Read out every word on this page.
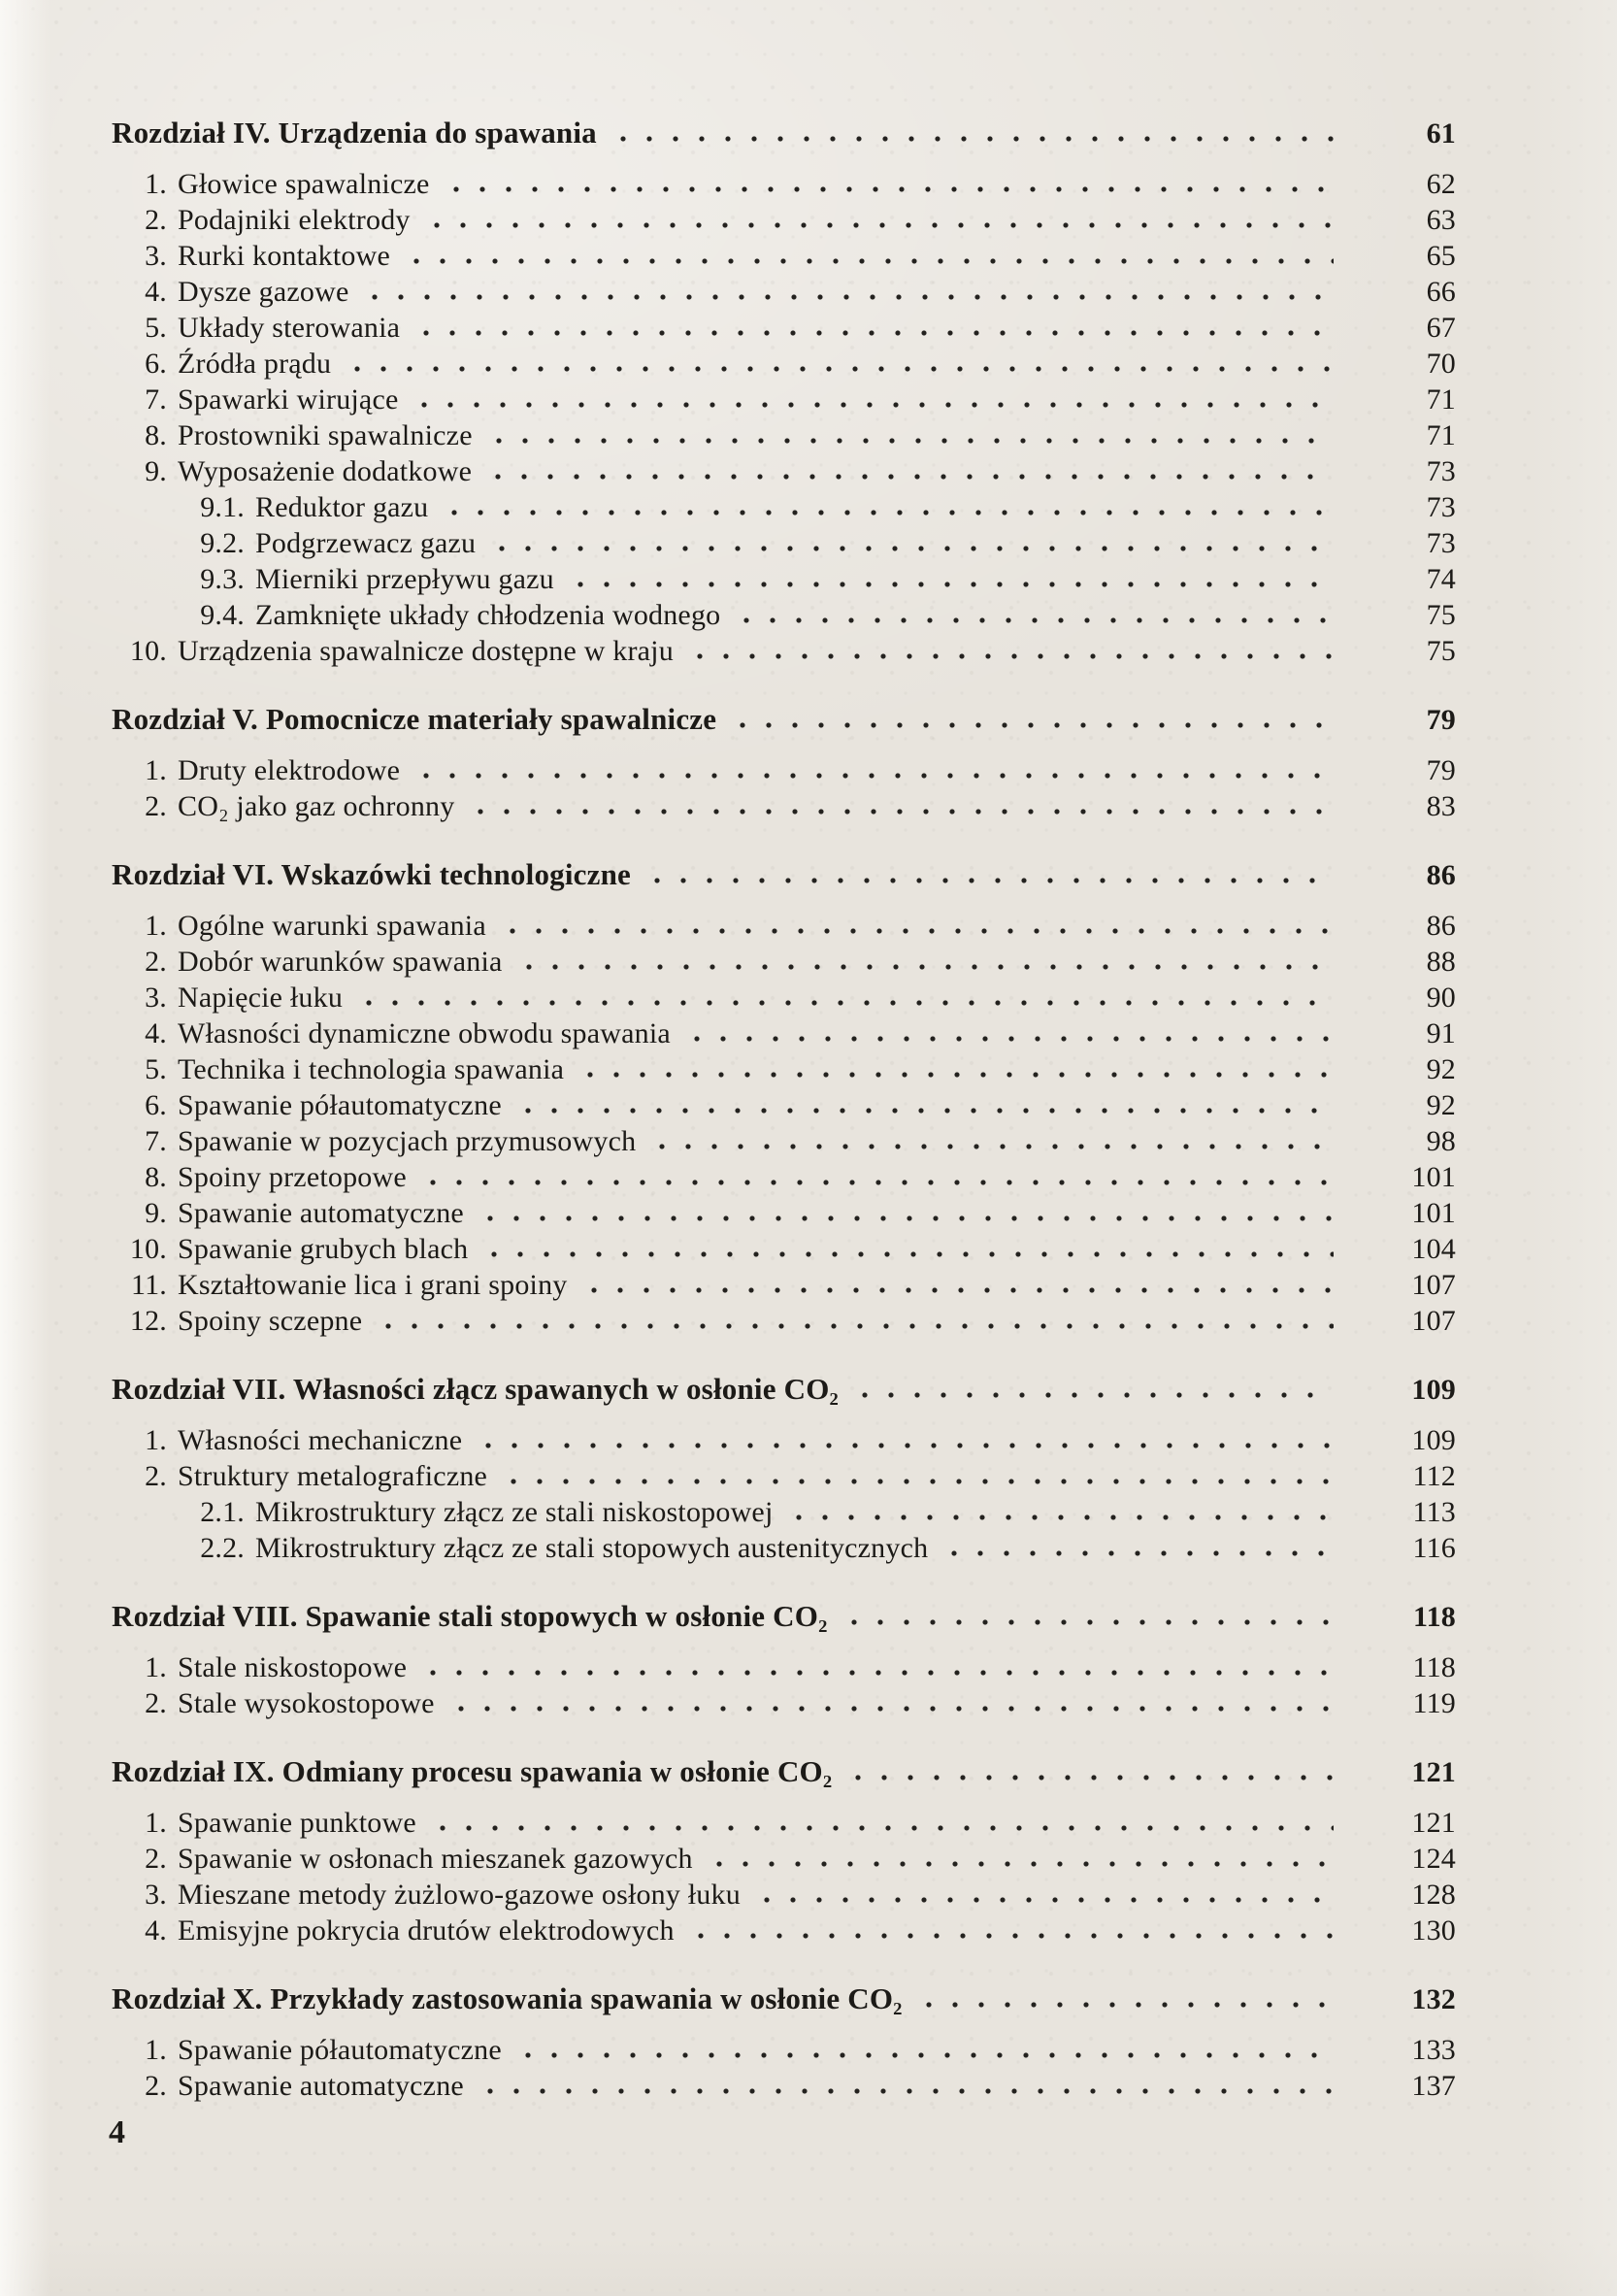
Rozdział IV. Urządzenia do spawania	61
1. Głowice spawalnicze	62
2. Podajniki elektrody	63
3. Rurki kontaktowe	65
4. Dysze gazowe	66
5. Układy sterowania	67
6. Źródła prądu	70
7. Spawarki wirujące	71
8. Prostowniki spawalnicze	71
9. Wyposażenie dodatkowe	73
9.1. Reduktor gazu	73
9.2. Podgrzewacz gazu	73
9.3. Mierniki przepływu gazu	74
9.4. Zamknięte układy chłodzenia wodnego	75
10. Urządzenia spawalnicze dostępne w kraju	75
Rozdział V. Pomocnicze materiały spawalnicze	79
1. Druty elektrodowe	79
2. CO₂ jako gaz ochronny	83
Rozdział VI. Wskazówki technologiczne	86
1. Ogólne warunki spawania	86
2. Dobór warunków spawania	88
3. Napięcie łuku	90
4. Własności dynamiczne obwodu spawania	91
5. Technika i technologia spawania	92
6. Spawanie półautomatyczne	92
7. Spawanie w pozycjach przymusowych	98
8. Spoiny przetopowe	101
9. Spawanie automatyczne	101
10. Spawanie grubych blach	104
11. Kształtowanie lica i grani spoiny	107
12. Spoiny sczepne	107
Rozdział VII. Własności złącz spawanych w osłonie CO₂	109
1. Własności mechaniczne	109
2. Struktury metalograficzne	112
2.1. Mikrostruktury złącz ze stali niskostopowej	113
2.2. Mikrostruktury złącz ze stali stopowych austenitycznych	116
Rozdział VIII. Spawanie stali stopowych w osłonie CO₂	118
1. Stale niskostopowe	118
2. Stale wysokostopowe	119
Rozdział IX. Odmiany procesu spawania w osłonie CO₂	121
1. Spawanie punktowe	121
2. Spawanie w osłonach mieszanek gazowych	124
3. Mieszane metody żużlowo-gazowe osłony łuku	128
4. Emisyjne pokrycia drutów elektrodowych	130
Rozdział X. Przykłady zastosowania spawania w osłonie CO₂	132
1. Spawanie półautomatyczne	133
2. Spawanie automatyczne	137
4
